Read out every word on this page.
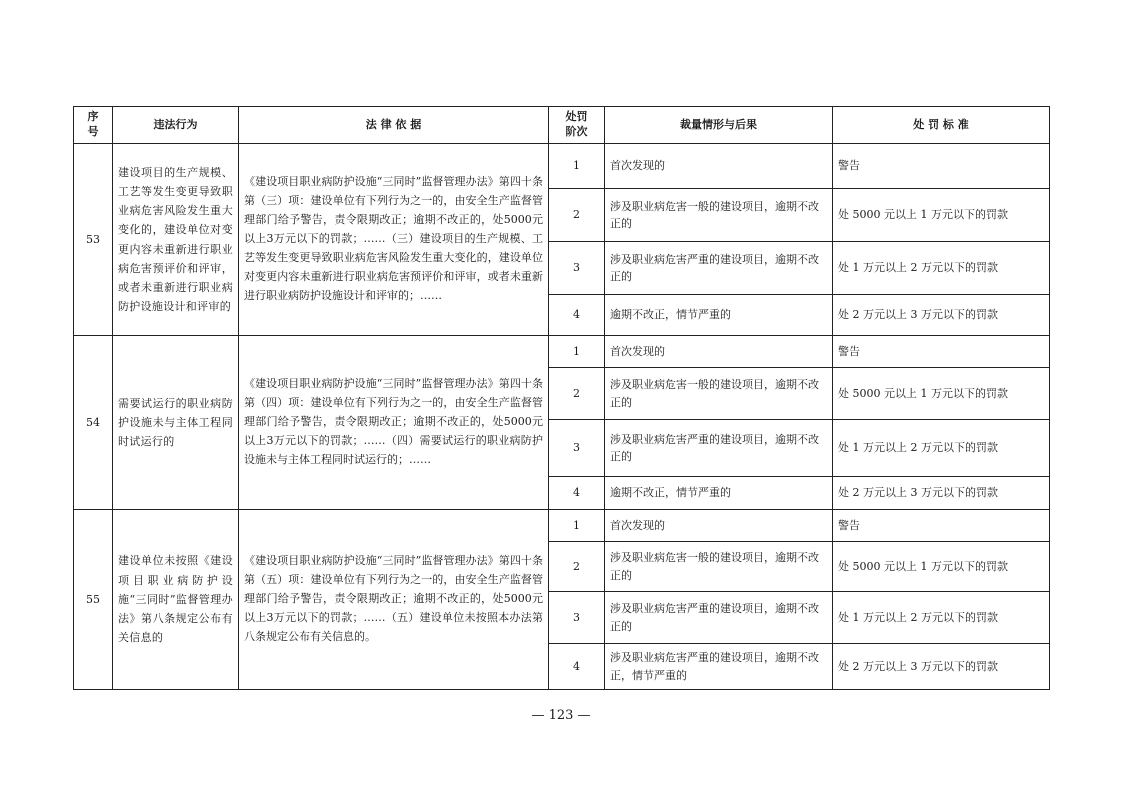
序号	违法行为	法 律 依 据	处罚阶次	裁量情形与后果	处 罚 标 准
53	建设项目的生产规模、工艺等发生变更导致职业病危害风险发生重大变化的，建设单位对变更内容未重新进行职业病危害预评价和评审，或者未重新进行职业病防护设施设计和评审的	《建设项目职业病防护设施“三同时”监督管理办法》第四十条第（三）项：建设单位有下列行为之一的，由安全生产监督管理部门给予警告，责令限期改正；逾期不改正的，处5000元以上3万元以下的罚款；……（三）建设项目的生产规模、工艺等发生变更导致职业病危害风险发生重大变化的，建设单位对变更内容未重新进行职业病危害预评价和评审，或者未重新进行职业病防护设施设计和评审的；……	1	首次发现的	警告
			2	涉及职业病危害一般的建设项目，逾期不改正的	处 5000 元以上 1 万元以下的罚款
			3	涉及职业病危害严重的建设项目，逾期不改正的	处 1 万元以上 2 万元以下的罚款
			4	逾期不改正，情节严重的	处 2 万元以上 3 万元以下的罚款
54	需要试运行的职业病防护设施未与主体工程同时试运行的	《建设项目职业病防护设施“三同时”监督管理办法》第四十条第（四）项：建设单位有下列行为之一的，由安全生产监督管理部门给予警告，责令限期改正；逾期不改正的，处5000元以上3万元以下的罚款；……（四）需要试运行的职业病防护设施未与主体工程同时试运行的；……	1	首次发现的	警告
			2	涉及职业病危害一般的建设项目，逾期不改正的	处 5000 元以上 1 万元以下的罚款
			3	涉及职业病危害严重的建设项目，逾期不改正的	处 1 万元以上 2 万元以下的罚款
			4	逾期不改正，情节严重的	处 2 万元以上 3 万元以下的罚款
55	建设单位未按照《建设项目职业病防护设施“三同时”监督管理办法》第八条规定公布有关信息的	《建设项目职业病防护设施“三同时”监督管理办法》第四十条第（五）项：建设单位有下列行为之一的，由安全生产监督管理部门给予警告，责令限期改正；逾期不改正的，处5000元以上3万元以下的罚款；……（五）建设单位未按照本办法第八条规定公布有关信息的。	1	首次发现的	警告
			2	涉及职业病危害一般的建设项目，逾期不改正的	处 5000 元以上 1 万元以下的罚款
			3	涉及职业病危害严重的建设项目，逾期不改正的	处 1 万元以上 2 万元以下的罚款
			4	涉及职业病危害严重的建设项目，逾期不改正，情节严重的	处 2 万元以上 3 万元以下的罚款
— 123 —
